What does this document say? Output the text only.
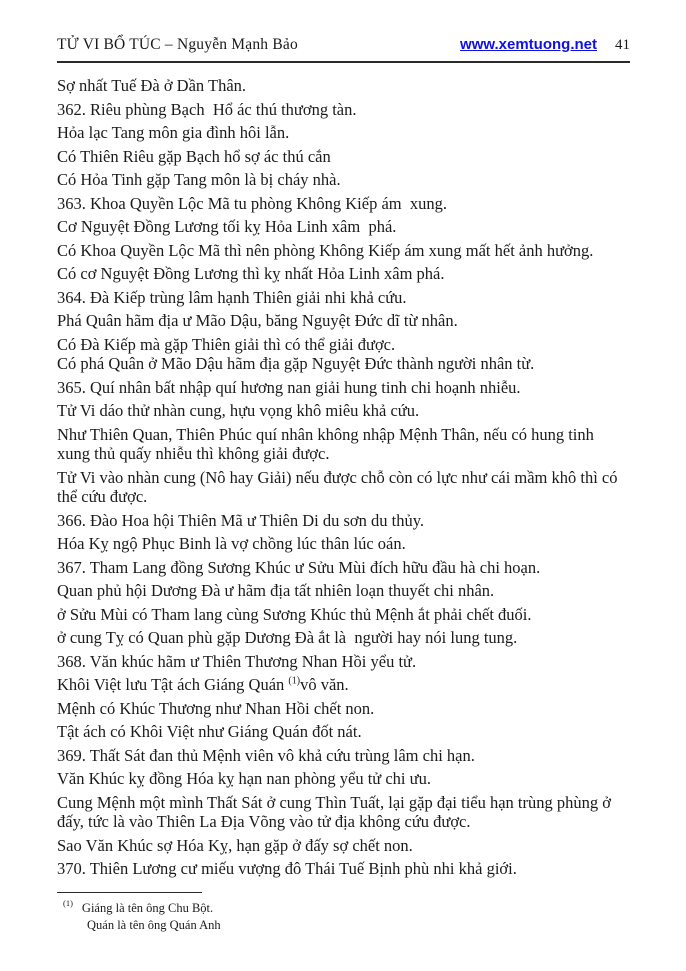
TỬ VI BỔ TÚC – Nguyễn Mạnh Bảo	www.xemtuong.net 41

Sợ nhất Tuế Đà ở Dần Thân.

362. Riêu phùng Bạch  Hổ ác thú thương tàn.

Hỏa lạc Tang môn gia đình hôi lẫn.

Có Thiên Riêu gặp Bạch hổ sợ ác thú cắn

Có Hỏa Tinh gặp Tang môn là bị cháy nhà.

363. Khoa Quyền Lộc Mã tu phòng Không Kiếp ám  xung.

Cơ Nguyệt Đồng Lương tối kỵ Hỏa Linh xâm  phá.

Có Khoa Quyền Lộc Mã thì nên phòng Không Kiếp ám xung mất hết ảnh hưởng.

Có cơ Nguyệt Đồng Lương thì kỵ nhất Hỏa Linh xâm phá.

364. Đà Kiếp trùng lâm hạnh Thiên giải nhi khả cứu.

Phá Quân hãm địa ư Mão Dậu, băng Nguyệt Đức dĩ từ nhân.

Có Đà Kiếp mà gặp Thiên giải thì có thể giải được.

Có phá Quân ở Mão Dậu hãm địa gặp Nguyệt Đức thành người nhân từ.

365. Quí nhân bất nhập quí hương nan giải hung tinh chi hoạnh nhiễu.

Tử Vi dáo thử nhàn cung, hựu vọng khô miêu khả cứu.

Như Thiên Quan, Thiên Phúc quí nhân không nhập Mệnh Thân, nếu có hung tinh xung thủ quấy nhiễu thì không giải được.

Tử Vi vào nhàn cung (Nô hay Giải) nếu được chỗ còn có lực như cái mầm khô thì có thể cứu được.

366. Đào Hoa hội Thiên Mã ư Thiên Di du sơn du thủy.

Hóa Kỵ ngộ Phục Binh là vợ chồng lúc thân lúc oán.

367. Tham Lang đồng Sương Khúc ư Sửu Mùi đích hữu đầu hà chi hoạn.

Quan phủ hội Dương Đà ư hãm địa tất nhiên loạn thuyết chi nhân.

ở Sửu Mùi có Tham lang cùng Sương Khúc thủ Mệnh ắt phải chết đuối.

ở cung Tỵ có Quan phù gặp Dương Đà ắt là  người hay nói lung tung.

368. Văn khúc hãm ư Thiên Thương Nhan Hồi yểu tử.

Khôi Việt lưu Tật ách Giáng Quán $^{(1)}$vô văn.

Mệnh có Khúc Thương như Nhan Hồi chết non.

Tật ách có Khôi Việt như Giáng Quán đốt nát.

369. Thất Sát đan thủ Mệnh viên vô khả cứu trùng lâm chi hạn.

Văn Khúc kỵ đồng Hóa kỵ hạn nan phòng yểu tử chi ưu.

Cung Mệnh một mình Thất Sát ở cung Thìn Tuất, lại gặp đại tiểu hạn trùng phùng ở đấy, tức là vào Thiên La Địa Võng vào tử địa không cứu được.

Sao Văn Khúc sợ Hóa Kỵ, hạn gặp ở đấy sợ chết non.

370. Thiên Lương cư miếu vượng đô Thái Tuế Bịnh phù nhi khả giới.

$^{(1)}$ Giáng là tên ông Chu Bột.
Quán là tên ông Quán Anh
